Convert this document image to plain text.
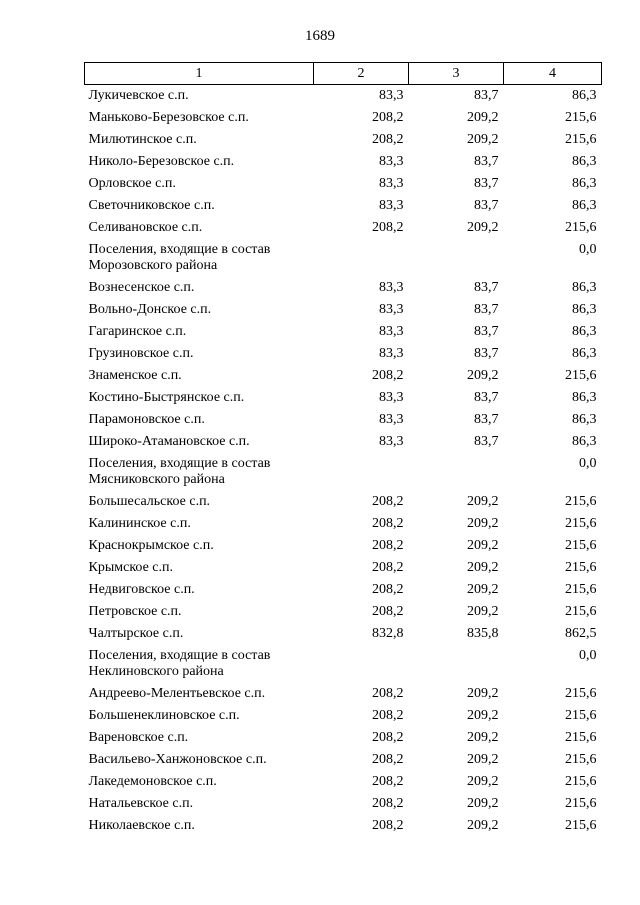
1689
1	2	3	4
Лукичевское с.п.	83,3	83,7	86,3
Маньково-Березовское с.п.	208,2	209,2	215,6
Милютинское с.п.	208,2	209,2	215,6
Николо-Березовское с.п.	83,3	83,7	86,3
Орловское с.п.	83,3	83,7	86,3
Светочниковское с.п.	83,3	83,7	86,3
Селивановское с.п.	208,2	209,2	215,6
Поселения, входящие в состав Морозовского района			0,0
Вознесенское с.п.	83,3	83,7	86,3
Вольно-Донское с.п.	83,3	83,7	86,3
Гагаринское с.п.	83,3	83,7	86,3
Грузиновское с.п.	83,3	83,7	86,3
Знаменское с.п.	208,2	209,2	215,6
Костино-Быстрянское с.п.	83,3	83,7	86,3
Парамоновское с.п.	83,3	83,7	86,3
Широко-Атамановское с.п.	83,3	83,7	86,3
Поселения, входящие в состав Мясниковского района			0,0
Большесальское с.п.	208,2	209,2	215,6
Калининское с.п.	208,2	209,2	215,6
Краснокрымское с.п.	208,2	209,2	215,6
Крымское с.п.	208,2	209,2	215,6
Недвиговское с.п.	208,2	209,2	215,6
Петровское с.п.	208,2	209,2	215,6
Чалтырское с.п.	832,8	835,8	862,5
Поселения, входящие в состав Неклиновского района			0,0
Андреево-Мелентьевское с.п.	208,2	209,2	215,6
Большенеклиновское с.п.	208,2	209,2	215,6
Вареновское с.п.	208,2	209,2	215,6
Васильево-Ханжоновское с.п.	208,2	209,2	215,6
Лакедемоновское с.п.	208,2	209,2	215,6
Натальевское с.п.	208,2	209,2	215,6
Николаевское с.п.	208,2	209,2	215,6
